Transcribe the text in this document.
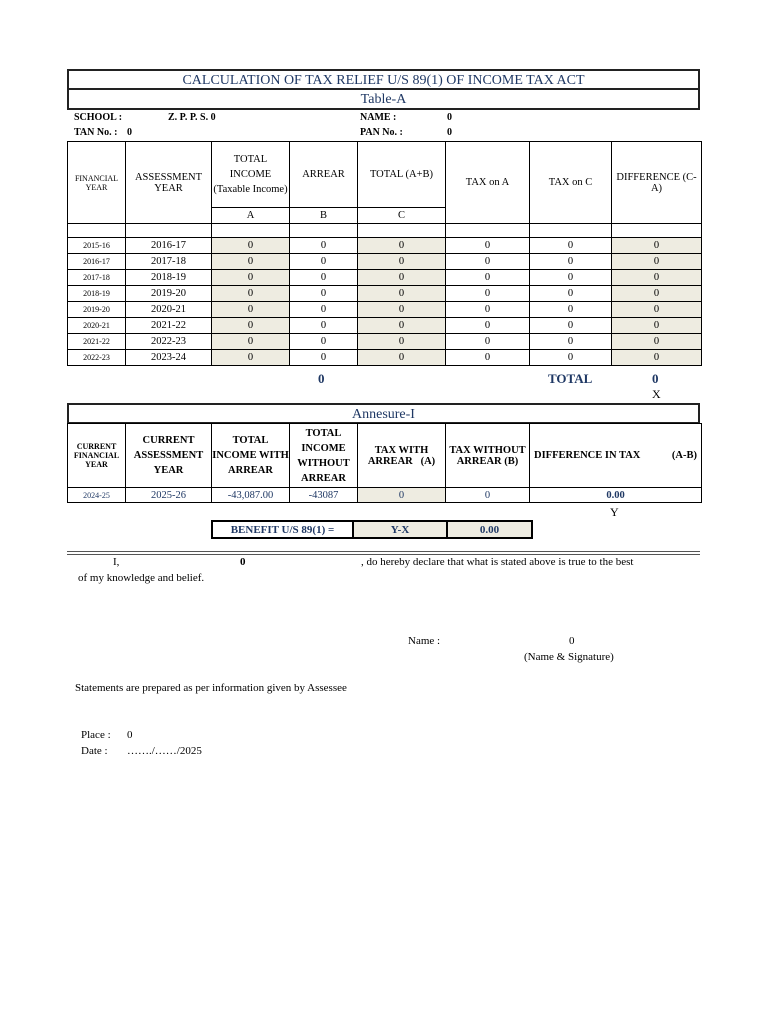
CALCULATION OF TAX RELIEF U/S 89(1) OF INCOME TAX ACT
Table-A
SCHOOL :	Z. P. P. S. 0	NAME :	0
TAN No. : 0	PAN No. :	0
FINANCIAL YEAR	ASSESSMENT YEAR	TOTAL INCOME (Taxable Income)	ARREAR	TOTAL (A+B)	TAX on A	TAX on C	DIFFERENCE (C-A)
		A	B	C			

2015-16	2016-17	0	0	0	0	0	0
2016-17	2017-18	0	0	0	0	0	0
2017-18	2018-19	0	0	0	0	0	0
2018-19	2019-20	0	0	0	0	0	0
2019-20	2020-21	0	0	0	0	0	0
2020-21	2021-22	0	0	0	0	0	0
2021-22	2022-23	0	0	0	0	0	0
2022-23	2023-24	0	0	0	0	0	0
0	TOTAL	0
X
Annesure-I
CURRENT FINANCIAL YEAR	CURRENT ASSESSMENT YEAR	TOTAL INCOME WITH ARREAR	TOTAL INCOME WITHOUT ARREAR	TAX WITH ARREAR   (A)	TAX WITHOUT ARREAR (B)	DIFFERENCE IN TAX (A-B)

2024-25	2025-26	-43,087.00	-43087	0	0	0.00
Y
BENEFIT U/S 89(1) =	Y-X	0.00
I,	0	, do hereby declare that what is stated above is true to the best
of my knowledge and belief.
Name :	0
(Name & Signature)
Statements are prepared as per information given by Assessee
Place : 0
Date : ……./……/2025
